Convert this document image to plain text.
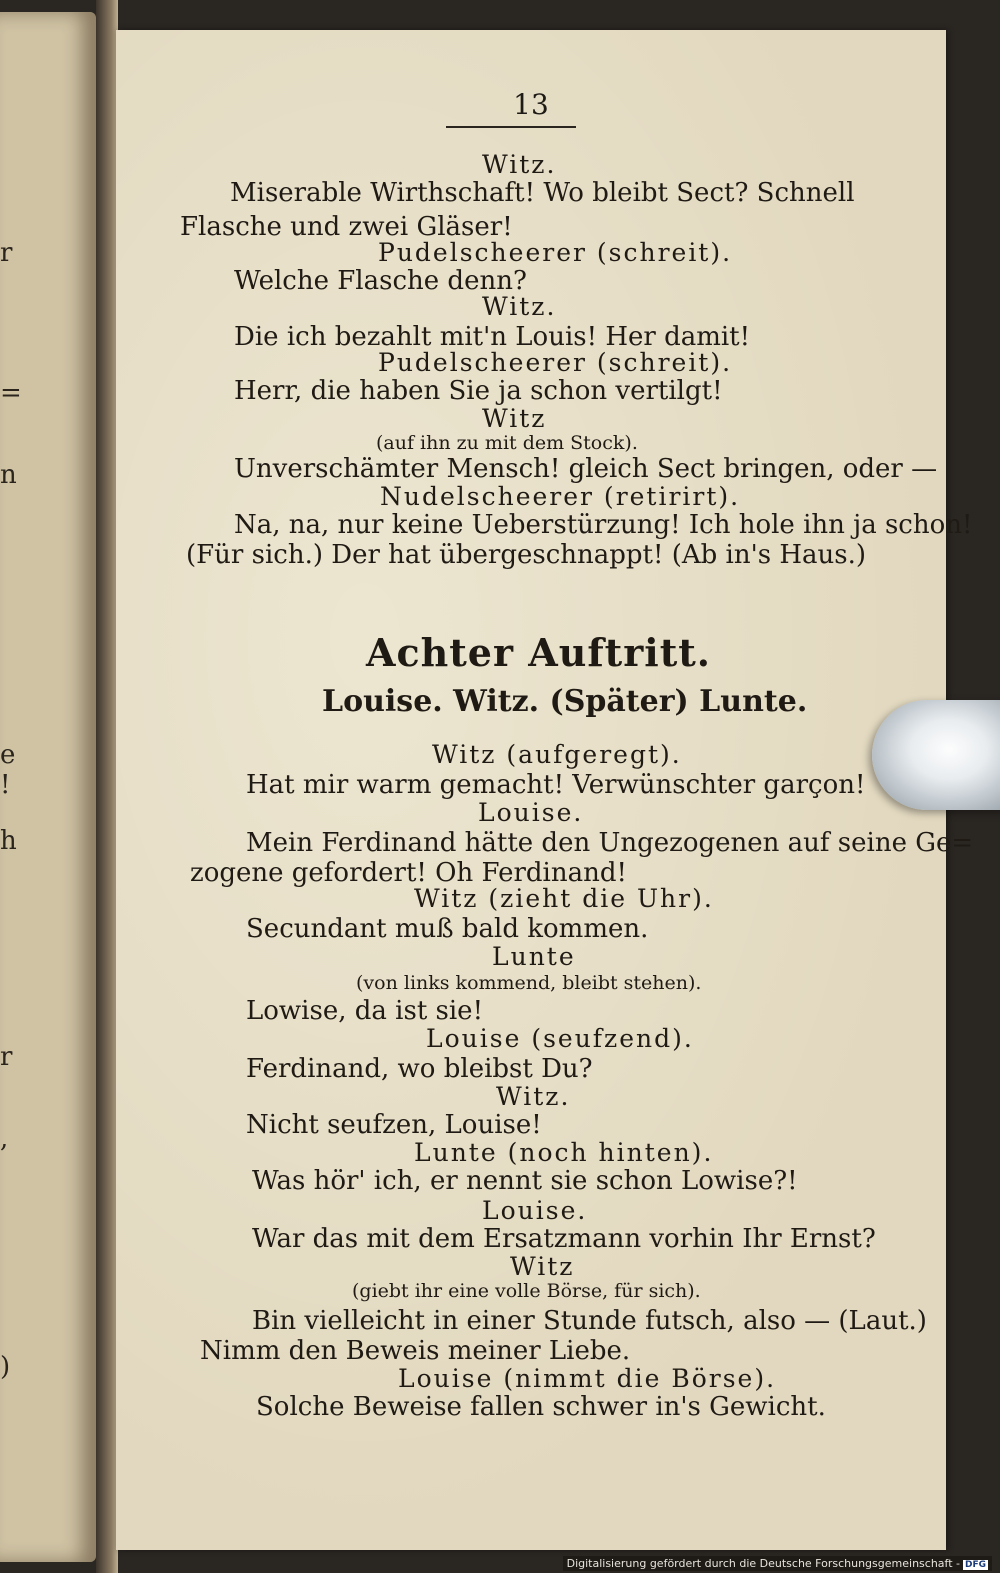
r
=
n
e
!
h
r
,
)
13
Witz.
Miserable Wirthschaft! Wo bleibt Sect? Schnell
Flasche und zwei Gläser!
Pudelscheerer (schreit).
Welche Flasche denn?
Witz.
Die ich bezahlt mit'n Louis! Her damit!
Pudelscheerer (schreit).
Herr, die haben Sie ja schon vertilgt!
Witz
(auf ihn zu mit dem Stock).
Unverschämter Mensch! gleich Sect bringen, oder —
Nudelscheerer (retirirt).
Na, na, nur keine Ueberstürzung! Ich hole ihn ja schon!
(Für sich.) Der hat übergeschnappt! (Ab in's Haus.)
Achter Auftritt.
Louise. Witz. (Später) Lunte.
Witz (aufgeregt).
Hat mir warm gemacht! Verwünschter garçon!
Louise.
Mein Ferdinand hätte den Ungezogenen auf seine Ge=
zogene gefordert! Oh Ferdinand!
Witz (zieht die Uhr).
Secundant muß bald kommen.
Lunte
(von links kommend, bleibt stehen).
Lowise, da ist sie!
Louise (seufzend).
Ferdinand, wo bleibst Du?
Witz.
Nicht seufzen, Louise!
Lunte (noch hinten).
Was hör' ich, er nennt sie schon Lowise?!
Louise.
War das mit dem Ersatzmann vorhin Ihr Ernst?
Witz
(giebt ihr eine volle Börse, für sich).
Bin vielleicht in einer Stunde futsch, also — (Laut.)
Nimm den Beweis meiner Liebe.
Louise (nimmt die Börse).
Solche Beweise fallen schwer in's Gewicht.
Digitalisierung gefördert durch die Deutsche Forschungsgemeinschaft - DFG
